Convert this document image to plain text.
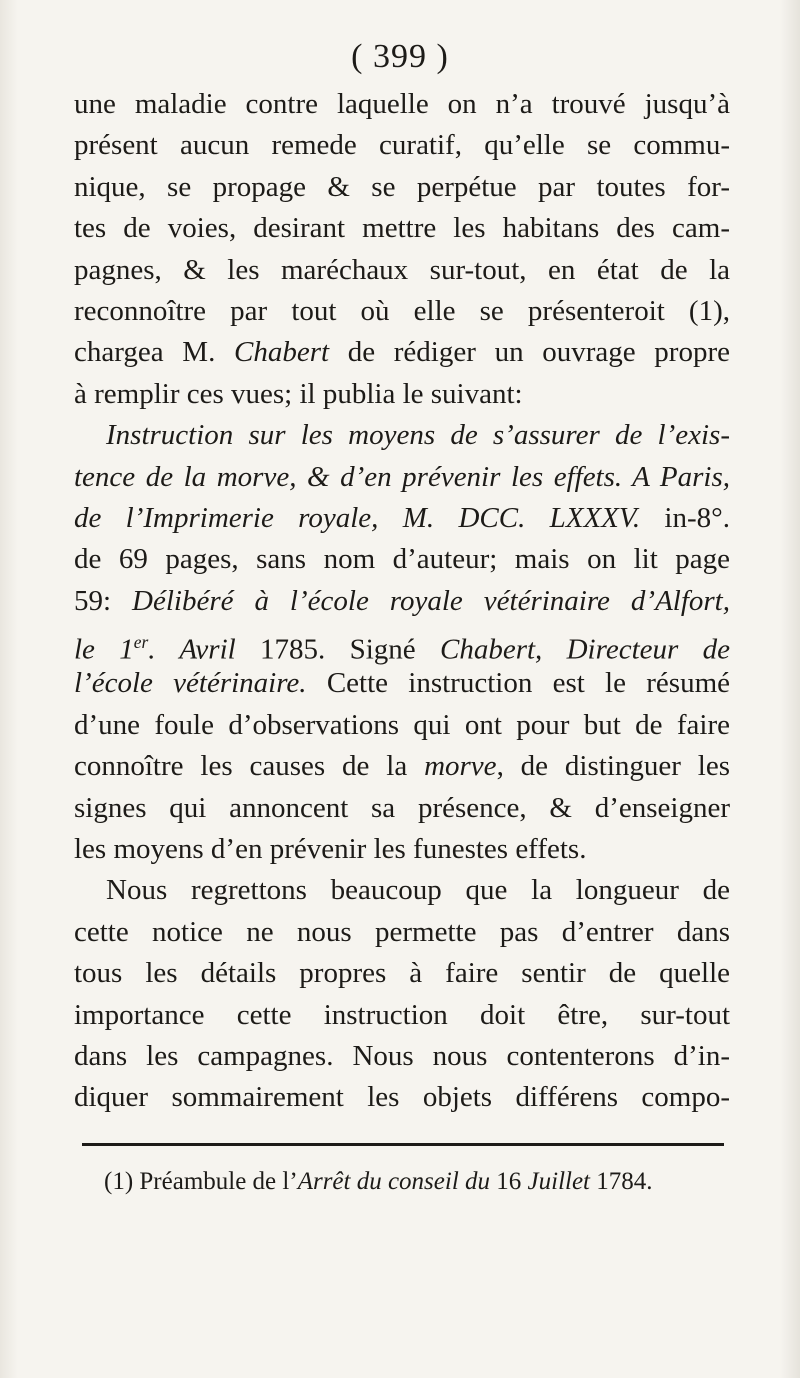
( 399 )
une maladie contre laquelle on n’a trouvé jusqu’à
présent aucun remede curatif, qu’elle se commu-
nique, se propage & se perpétue par toutes for-
tes de voies, desirant mettre les habitans des cam-
pagnes, & les maréchaux sur-tout, en état de la
reconnoître par tout où elle se présenteroit (1),
chargea M. Chabert de rédiger un ouvrage propre
à remplir ces vues; il publia le suivant:
Instruction sur les moyens de s’assurer de l’exis-
tence de la morve, & d’en prévenir les effets. A Paris,
de l’Imprimerie royale, M. DCC. LXXXV. in-8°.
de 69 pages, sans nom d’auteur; mais on lit page
59: Délibéré à l’école royale vétérinaire d’Alfort,
le 1er. Avril 1785. Signé Chabert, Directeur de
l’école vétérinaire. Cette instruction est le résumé
d’une foule d’observations qui ont pour but de faire
connoître les causes de la morve, de distinguer les
signes qui annoncent sa présence, & d’enseigner
les moyens d’en prévenir les funestes effets.
Nous regrettons beaucoup que la longueur de
cette notice ne nous permette pas d’entrer dans
tous les détails propres à faire sentir de quelle
importance cette instruction doit être, sur-tout
dans les campagnes. Nous nous contenterons d’in-
diquer sommairement les objets différens compo-
(1) Préambule de l’Arrêt du conseil du 16 Juillet 1784.
